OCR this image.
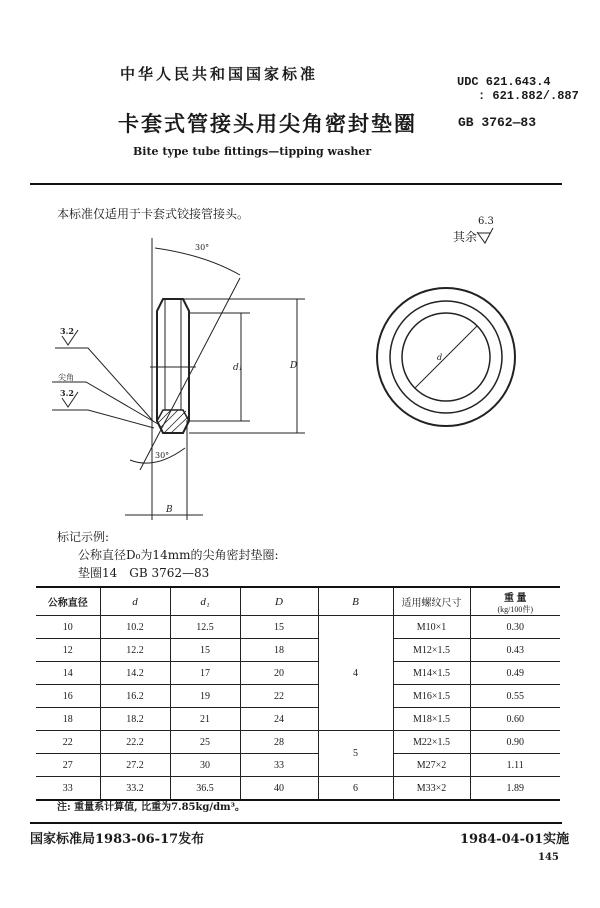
中华人民共和国国家标准	UDC 621.643.4
: 621.882/.887
卡套式管接头用尖角密封垫圈	GB 3762—83
Bite type tube fittings—tipping washer
本标准仅适用于卡套式铰接管接头。
其余
6.3
30°
30°
3.2
3.2
尖角
d₁	D
B
d
标记示例:
公称直径D₀为14mm的尖角密封垫圈:
垫圈14　GB 3762—83
公称直径	d	d₁	D	B	适用螺纹尺寸	重 量
(kg/100件)

10	10.2	12.5	15	4	M10×1	0.30
12	12.2	15	18		M12×1.5	0.43
14	14.2	17	20		M14×1.5	0.49
16	16.2	19	22		M16×1.5	0.55
18	18.2	21	24		M18×1.5	0.60
22	22.2	25	28	5	M22×1.5	0.90
27	27.2	30	33		M27×2	1.11
33	33.2	36.5	40	6	M33×2	1.89
注: 重量系计算值, 比重为7.85kg/dm³。
国家标准局1983-06-17发布	1984-04-01实施
145
